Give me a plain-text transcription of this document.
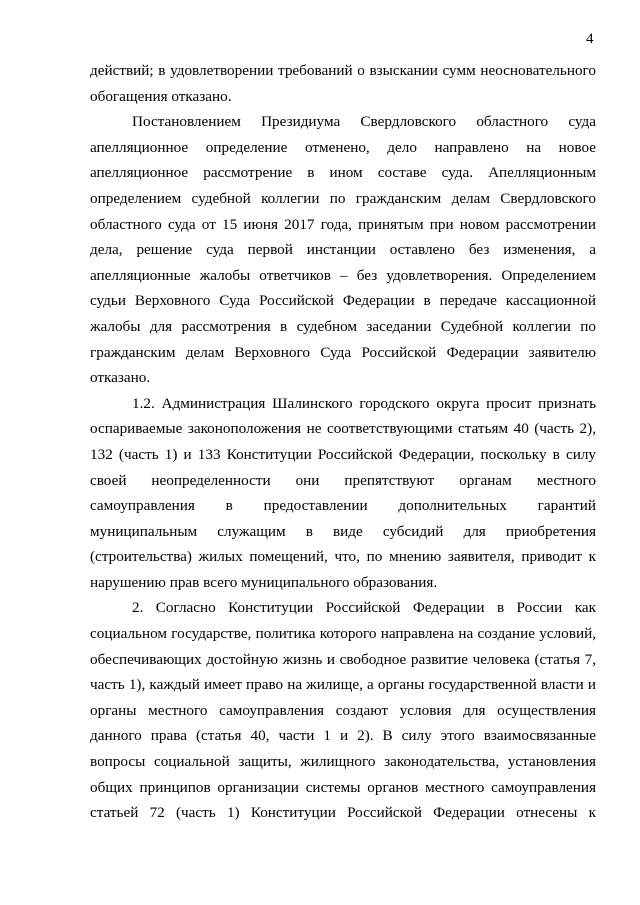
4
действий; в удовлетворении требований о взыскании сумм неосновательного
обогащения отказано.
Постановлением Президиума Свердловского областного суда
апелляционное определение отменено, дело направлено на новое
апелляционное рассмотрение в ином составе суда. Апелляционным
определением судебной коллегии по гражданским делам Свердловского
областного суда от 15 июня 2017 года, принятым при новом рассмотрении
дела, решение суда первой инстанции оставлено без изменения, а
апелляционные жалобы ответчиков – без удовлетворения. Определением
судьи Верховного Суда Российской Федерации в передаче кассационной
жалобы для рассмотрения в судебном заседании Судебной коллегии по
гражданским делам Верховного Суда Российской Федерации заявителю
отказано.
1.2. Администрация Шалинского городского округа просит признать
оспариваемые законоположения не соответствующими статьям 40 (часть 2),
132 (часть 1) и 133 Конституции Российской Федерации, поскольку в силу
своей неопределенности они препятствуют органам местного
самоуправления в предоставлении дополнительных гарантий
муниципальным служащим в виде субсидий для приобретения
(строительства) жилых помещений, что, по мнению заявителя, приводит к
нарушению прав всего муниципального образования.
2. Согласно Конституции Российской Федерации в России как
социальном государстве, политика которого направлена на создание условий,
обеспечивающих достойную жизнь и свободное развитие человека (статья 7,
часть 1), каждый имеет право на жилище, а органы государственной власти и
органы местного самоуправления создают условия для осуществления
данного права (статья 40, части 1 и 2). В силу этого взаимосвязанные
вопросы социальной защиты, жилищного законодательства, установления
общих принципов организации системы органов местного самоуправления
статьей 72 (часть 1) Конституции Российской Федерации отнесены к
